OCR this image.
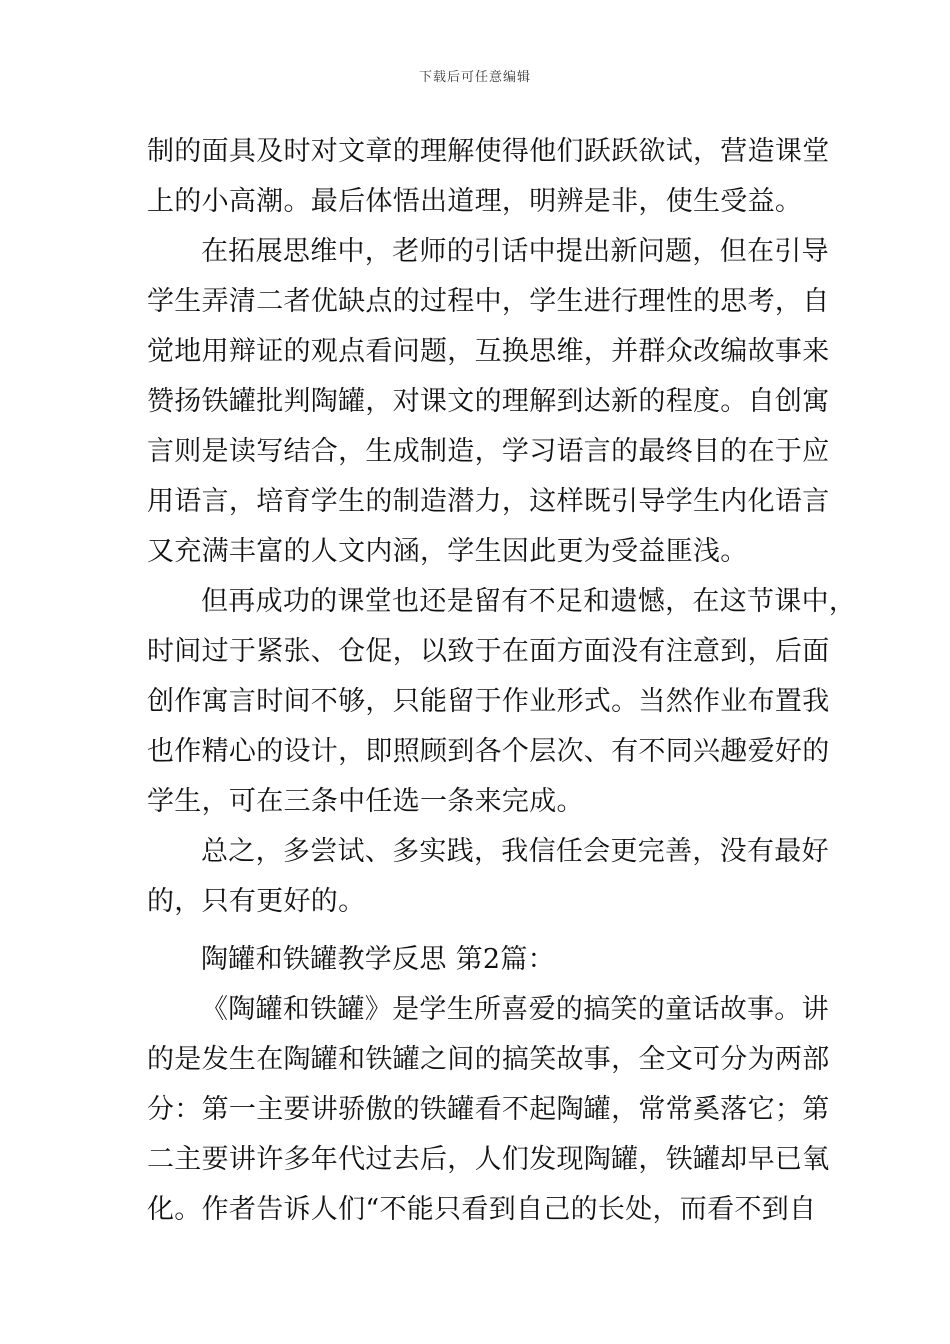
下载后可任意编辑
制的面具及时对文章的理解使得他们跃跃欲试，营造课堂
上的小高潮。最后体悟出道理，明辨是非，使生受益。
在拓展思维中，老师的引话中提出新问题，但在引导
学生弄清二者优缺点的过程中，学生进行理性的思考，自
觉地用辩证的观点看问题，互换思维，并群众改编故事来
赞扬铁罐批判陶罐，对课文的理解到达新的程度。自创寓
言则是读写结合，生成制造，学习语言的最终目的在于应
用语言，培育学生的制造潜力，这样既引导学生内化语言
又充满丰富的人文内涵，学生因此更为受益匪浅。
但再成功的课堂也还是留有不足和遗憾，在这节课中，
时间过于紧张、仓促，以致于在面方面没有注意到，后面
创作寓言时间不够，只能留于作业形式。当然作业布置我
也作精心的设计，即照顾到各个层次、有不同兴趣爱好的
学生，可在三条中任选一条来完成。
总之，多尝试、多实践，我信任会更完善，没有最好
的，只有更好的。
陶罐和铁罐教学反思 第2篇：
《陶罐和铁罐》是学生所喜爱的搞笑的童话故事。讲
的是发生在陶罐和铁罐之间的搞笑故事，全文可分为两部
分：第一主要讲骄傲的铁罐看不起陶罐，常常奚落它；第
二主要讲许多年代过去后，人们发现陶罐，铁罐却早已氧
化。作者告诉人们“不能只看到自己的长处，而看不到自
